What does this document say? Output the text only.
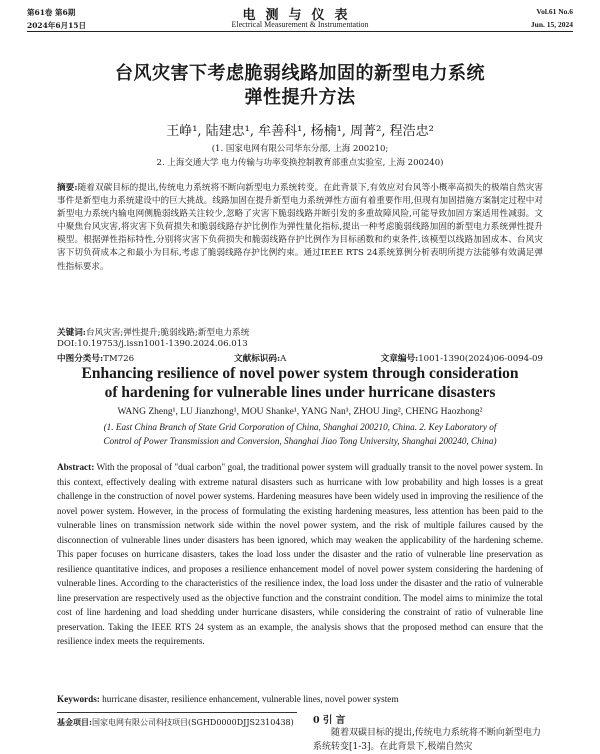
第61卷 第6期
2024年6月15日
电测与仪表
Electrical Measurement & Instrumentation
Vol.61 No.6
Jun. 15, 2024
台风灾害下考虑脆弱线路加固的新型电力系统
弹性提升方法
王峥¹, 陆建忠¹, 牟善科¹, 杨楠¹, 周菁², 程浩忠²
(1. 国家电网有限公司华东分部, 上海 200210;
2. 上海交通大学 电力传输与功率变换控制教育部重点实验室, 上海 200240)
摘要:随着双碳目标的提出,传统电力系统将不断向新型电力系统转变。在此背景下,有效应对台风等小概率高损失的极端自然灾害事件是新型电力系统建设中的巨大挑战。线路加固在提升新型电力系统弹性方面有着重要作用,但现有加固措施方案制定过程中对新型电力系统内输电网侧脆弱线路关注较少,忽略了灾害下脆弱线路并断引发的多重故障风险,可能导致加固方案适用性减弱。文中聚焦台风灾害,将灾害下负荷损失和脆弱线路存护比例作为弹性量化指标,提出一种考虑脆弱线路加固的新型电力系统弹性提升模型。根据弹性指标特性,分别将灾害下负荷损失和脆弱线路存护比例作为目标函数和约束条件,该模型以线路加固成本、台风灾害下切负荷成本之和最小为目标,考虑了脆弱线路存护比例约束。通过IEEE RTS 24系统算例分析表明所提方法能够有效满足弹性指标要求。
关键词:台风灾害;弹性提升;脆弱线路;新型电力系统
DOI:10.19753/j.issn1001-1390.2024.06.013
中图分类号:TM726	文献标识码:A	文章编号:1001-1390(2024)06-0094-09
Enhancing resilience of novel power system through consideration
of hardening for vulnerable lines under hurricane disasters
WANG Zheng¹, LU Jianzhong¹, MOU Shanke¹, YANG Nan¹, ZHOU Jing², CHENG Haozhong²
(1. East China Branch of State Grid Corporation of China, Shanghai 200210, China. 2. Key Laboratory of
Control of Power Transmission and Conversion, Shanghai Jiao Tong University, Shanghai 200240, China)
Abstract: With the proposal of "dual carbon" goal, the traditional power system will gradually transit to the novel power system. In this context, effectively dealing with extreme natural disasters such as hurricane with low probability and high losses is a great challenge in the construction of novel power systems. Hardening measures have been widely used in improving the resilience of the novel power system. However, in the process of formulating the existing hardening measures, less attention has been paid to the vulnerable lines on transmission network side within the novel power system, and the risk of multiple failures caused by the disconnection of vulnerable lines under disasters has been ignored, which may weaken the applicability of the hardening scheme. This paper focuses on hurricane disasters, takes the load loss under the disaster and the ratio of vulnerable line preservation as resilience quantitative indices, and proposes a resilience enhancement model of novel power system considering the hardening of vulnerable lines. According to the characteristics of the resilience index, the load loss under the disaster and the ratio of vulnerable line preservation are respectively used as the objective function and the constraint condition. The model aims to minimize the total cost of line hardening and load shedding under hurricane disasters, while considering the constraint of ratio of vulnerable line preservation. Taking the IEEE RTS 24 system as an example, the analysis shows that the proposed method can ensure that the resilience index meets the requirements.
Keywords: hurricane disaster, resilience enhancement, vulnerable lines, novel power system
基金项目:国家电网有限公司科技项目(SGHD0000DJJS2310438)	0 引 言
随着双碳目标的提出,传统电力系统将不断向新型电力系统转变[1-3]。在此背景下,极端自然灾
